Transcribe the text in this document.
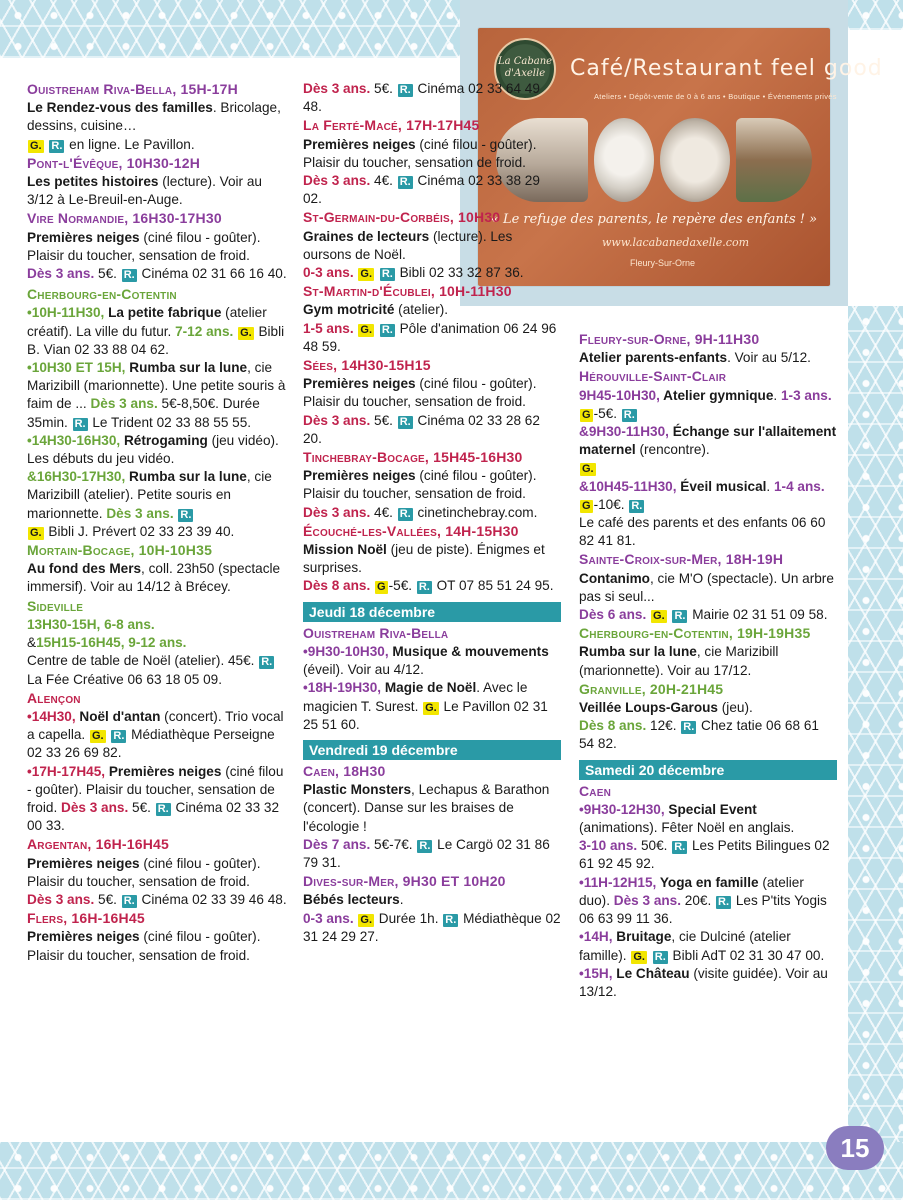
La Cabane d'Axelle	Café/Restaurant feel good
Ateliers • Dépôt-vente de 0 à 6 ans • Boutique • Événements privés
« Le refuge des parents, le repère des enfants ! »
www.lacabanedaxelle.com
Fleury-Sur-Orne

Ouistreham Riva-Bella, 15H-17H
Le Rendez-vous des familles. Bricolage, dessins, cuisine…
G. R. en ligne. Le Pavillon.

Pont-l'Évêque, 10H30-12H
Les petites histoires (lecture). Voir au 3/12 à Le-Breuil-en-Auge.

Vire Normandie, 16H30-17H30
Premières neiges (ciné filou - goûter). Plaisir du toucher, sensation de froid.
Dès 3 ans. 5€. R. Cinéma 02 31 66 16 40.

Cherbourg-en-Cotentin
•10H-11H30, La petite fabrique (atelier créatif). La ville du futur. 7-12 ans. G. Bibli B. Vian 02 33 88 04 62.
•10H30 ET 15H, Rumba sur la lune, cie Marizibill (marionnette). Une petite souris à faim de ... Dès 3 ans. 5€-8,50€. Durée 35min. R. Le Trident 02 33 88 55 55.
•14H30-16H30, Rétrogaming (jeu vidéo). Les débuts du jeu vidéo.
&16H30-17H30, Rumba sur la lune, cie Marizibill (atelier). Petite souris en marionnette. Dès 3 ans. R.
G. Bibli J. Prévert 02 33 23 39 40.

Mortain-Bocage, 10H-10H35
Au fond des Mers, coll. 23h50 (spectacle immersif). Voir au 14/12 à Brécey.

Sideville
13H30-15H, 6-8 ans.
&15H15-16H45, 9-12 ans.
Centre de table de Noël (atelier). 45€. R. La Fée Créative 06 63 18 05 09.

Alençon
•14H30, Noël d'antan (concert). Trio vocal a capella. G. R. Médiathèque Perseigne 02 33 26 69 82.
•17H-17H45, Premières neiges (ciné filou - goûter). Plaisir du toucher, sensation de froid. Dès 3 ans. 5€. R. Cinéma 02 33 32 00 33.

Argentan, 16H-16H45
Premières neiges (ciné filou - goûter). Plaisir du toucher, sensation de froid.
Dès 3 ans. 5€. R. Cinéma 02 33 39 46 48.

Flers, 16H-16H45
Premières neiges (ciné filou - goûter). Plaisir du toucher, sensation de froid.

Dès 3 ans. 5€. R. Cinéma 02 33 64 49 48.

La Ferté-Macé, 17H-17H45
Premières neiges (ciné filou - goûter). Plaisir du toucher, sensation de froid.
Dès 3 ans. 4€. R. Cinéma 02 33 38 29 02.

St-Germain-du-Corbéis, 10H30
Graines de lecteurs (lecture). Les oursons de Noël.
0-3 ans. G. R. Bibli 02 33 32 87 36.

St-Martin-d'Écublei, 10H-11H30
Gym motricité (atelier).
1-5 ans. G. R. Pôle d'animation 06 24 96 48 59.

Sées, 14H30-15H15
Premières neiges (ciné filou - goûter). Plaisir du toucher, sensation de froid.
Dès 3 ans. 5€. R. Cinéma 02 33 28 62 20.

Tinchebray-Bocage, 15H45-16H30
Premières neiges (ciné filou - goûter). Plaisir du toucher, sensation de froid.
Dès 3 ans. 4€. R. cinetinchebray.com.

Écouché-les-Vallées, 14H-15H30
Mission Noël (jeu de piste). Énigmes et surprises.
Dès 8 ans. G -5€. R. OT 07 85 51 24 95.

Jeudi 18 décembre

Ouistreham Riva-Bella
•9H30-10H30, Musique & mouvements (éveil). Voir au 4/12.
•18H-19H30, Magie de Noël. Avec le magicien T. Surest. G. Le Pavillon 02 31 25 51 60.

Vendredi 19 décembre

Caen, 18H30
Plastic Monsters, Lechapus & Barathon (concert). Danse sur les braises de l'écologie !
Dès 7 ans. 5€-7€. R. Le Cargö 02 31 86 79 31.

Dives-sur-Mer, 9H30 ET 10H20
Bébés lecteurs.
0-3 ans. G. Durée 1h. R. Médiathèque 02 31 24 29 27.

Fleury-sur-Orne, 9H-11H30
Atelier parents-enfants. Voir au 5/12.

Hérouville-Saint-Clair
9H45-10H30, Atelier gymnique. 1-3 ans. G -5€. R.
&9H30-11H30, Échange sur l'allaitement maternel (rencontre).
G.
&10H45-11H30, Éveil musical. 1-4 ans. G -10€. R.
Le café des parents et des enfants 06 60 82 41 81.

Sainte-Croix-sur-Mer, 18H-19H
Contanimo, cie M'O (spectacle). Un arbre pas si seul...
Dès 6 ans. G. R. Mairie 02 31 51 09 58.

Cherbourg-en-Cotentin, 19H-19H35
Rumba sur la lune, cie Marizibill (marionnette). Voir au 17/12.

Granville, 20H-21H45
Veillée Loups-Garous (jeu).
Dès 8 ans. 12€. R. Chez tatie 06 68 61 54 82.

Samedi 20 décembre

Caen
•9H30-12H30, Special Event (animations). Fêter Noël en anglais.
3-10 ans. 50€. R. Les Petits Bilingues 02 61 92 45 92.
•11H-12H15, Yoga en famille (atelier duo). Dès 3 ans. 20€. R. Les P'tits Yogis 06 63 99 11 36.
•14H, Bruitage, cie Dulciné (atelier famille). G. R. Bibli AdT 02 31 30 47 00.
•15H, Le Château (visite guidée). Voir au 13/12.

15
